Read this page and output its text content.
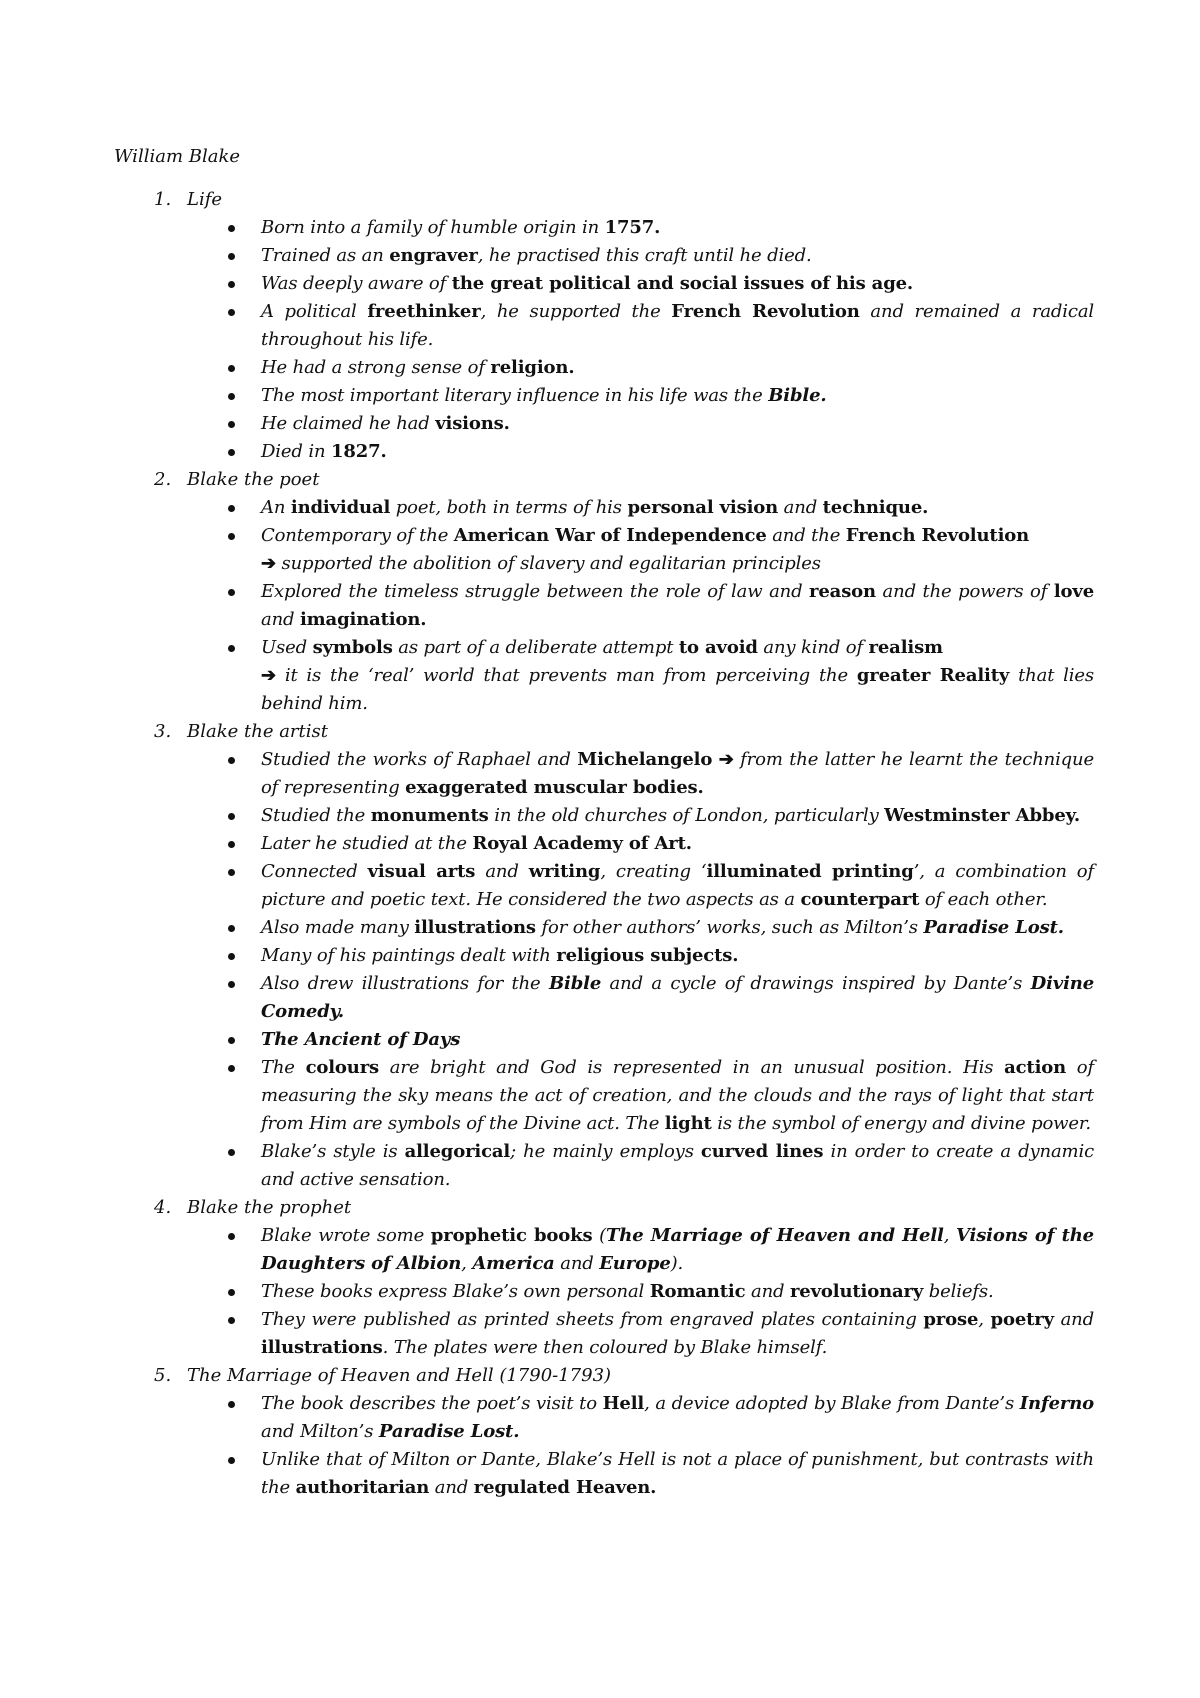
William Blake
1. Life
Born into a family of humble origin in 1757.
Trained as an engraver, he practised this craft until he died.
Was deeply aware of the great political and social issues of his age.
A political freethinker, he supported the French Revolution and remained a radical throughout his life.
He had a strong sense of religion.
The most important literary influence in his life was the Bible.
He claimed he had visions.
Died in 1827.
2. Blake the poet
An individual poet, both in terms of his personal vision and technique.
Contemporary of the American War of Independence and the French Revolution
➔ supported the abolition of slavery and egalitarian principles
Explored the timeless struggle between the role of law and reason and the powers of love and imagination.
Used symbols as part of a deliberate attempt to avoid any kind of realism
➔ it is the ‘real’ world that prevents man from perceiving the greater Reality that lies behind him.
3. Blake the artist
Studied the works of Raphael and Michelangelo ➔ from the latter he learnt the technique of representing exaggerated muscular bodies.
Studied the monuments in the old churches of London, particularly Westminster Abbey.
Later he studied at the Royal Academy of Art.
Connected visual arts and writing, creating ‘illuminated printing’, a combination of picture and poetic text. He considered the two aspects as a counterpart of each other.
Also made many illustrations for other authors’ works, such as Milton’s Paradise Lost.
Many of his paintings dealt with religious subjects.
Also drew illustrations for the Bible and a cycle of drawings inspired by Dante’s Divine Comedy.
The Ancient of Days
The colours are bright and God is represented in an unusual position. His action of measuring the sky means the act of creation, and the clouds and the rays of light that start from Him are symbols of the Divine act. The light is the symbol of energy and divine power.
Blake’s style is allegorical; he mainly employs curved lines in order to create a dynamic and active sensation.
4. Blake the prophet
Blake wrote some prophetic books (The Marriage of Heaven and Hell, Visions of the Daughters of Albion, America and Europe).
These books express Blake’s own personal Romantic and revolutionary beliefs.
They were published as printed sheets from engraved plates containing prose, poetry and illustrations. The plates were then coloured by Blake himself.
5. The Marriage of Heaven and Hell (1790-1793)
The book describes the poet’s visit to Hell, a device adopted by Blake from Dante’s Inferno and Milton’s Paradise Lost.
Unlike that of Milton or Dante, Blake’s Hell is not a place of punishment, but contrasts with the authoritarian and regulated Heaven.
